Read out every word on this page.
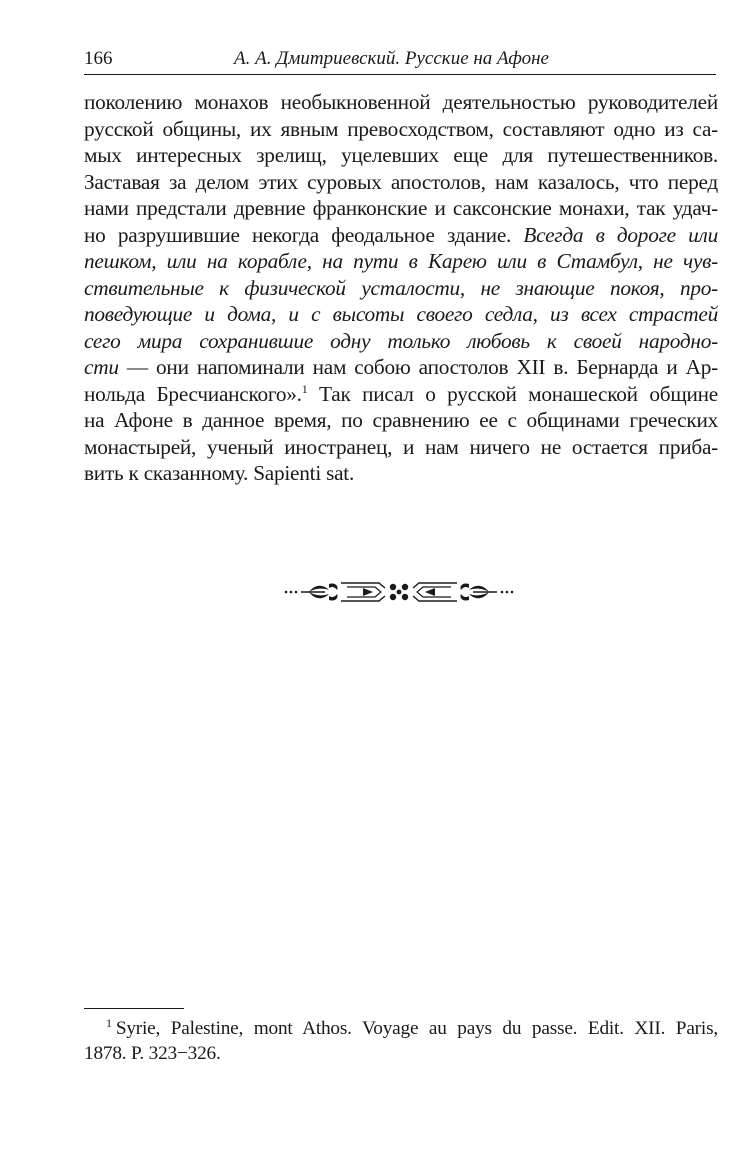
166	А. А. Дмитриевский. Русские на Афоне
поколению монахов необыкновенной деятельностью руководителей
русской общины, их явным превосходством, составляют одно из са-
мых интересных зрелищ, уцелевших еще для путешественников.
Заставая за делом этих суровых апостолов, нам казалось, что перед
нами предстали древние франконские и саксонские монахи, так удач-
но разрушившие некогда феодальное здание. Всегда в дороге или
пешком, или на корабле, на пути в Карею или в Стамбул, не чув-
ствительные к физической усталости, не знающие покоя, про-
поведующие и дома, и с высоты своего седла, из всех страстей
сего мира сохранившие одну только любовь к своей народно-
сти — они напоминали нам собою апостолов XII в. Бернарда и Ар-
нольда Бресчианского».$^1$ Так писал о русской монашеской общине
на Афоне в данное время, по сравнению ее с общинами греческих
монастырей, ученый иностранец, и нам ничего не остается прибa-
вить к сказанному. Sapienti sat.
$^1$ Syrie, Palestine, mont Athos. Voyage au pays du passe. Edit. XII. Paris,
1878. P. 323−326.
